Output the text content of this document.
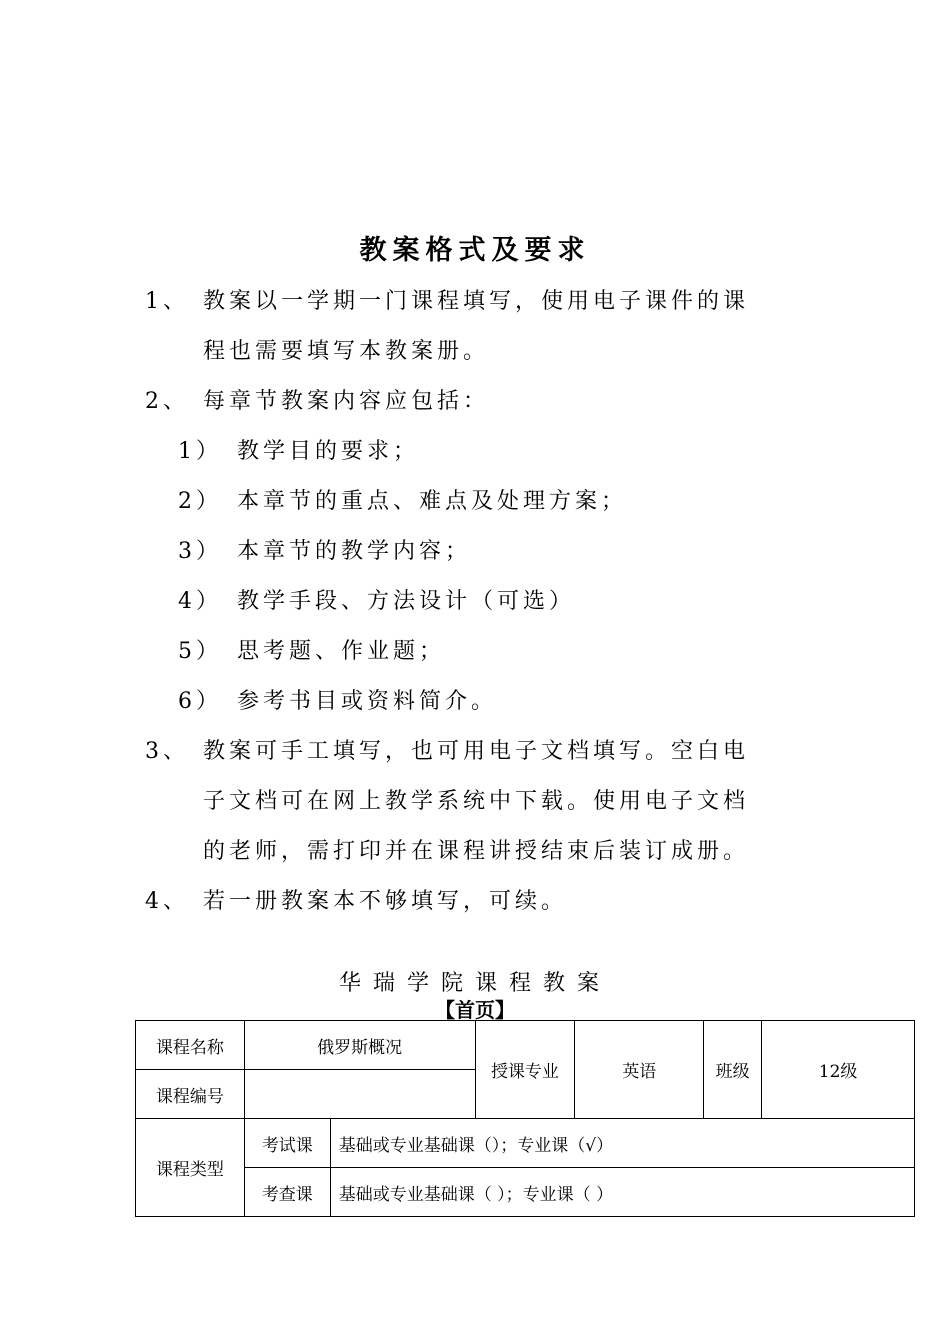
教案格式及要求
1、 教案以一学期一门课程填写，使用电子课件的课
程也需要填写本教案册。
2、 每章节教案内容应包括：
1） 教学目的要求；
2） 本章节的重点、难点及处理方案；
3） 本章节的教学内容；
4） 教学手段、方法设计（可选）
5） 思考题、作业题；
6） 参考书目或资料简介。
3、 教案可手工填写，也可用电子文档填写。空白电
子文档可在网上教学系统中下载。使用电子文档
的老师，需打印并在课程讲授结束后装订成册。
4、 若一册教案本不够填写，可续。
华瑞学院课程教案
【首页】
课程名称	俄罗斯概况		授课专业	英语	班级	12级
课程编号						
课程类型	考试课	基础或专业基础课（）；专业课（√）				
	考查课	基础或专业基础课（ ）；专业课（ ）				
